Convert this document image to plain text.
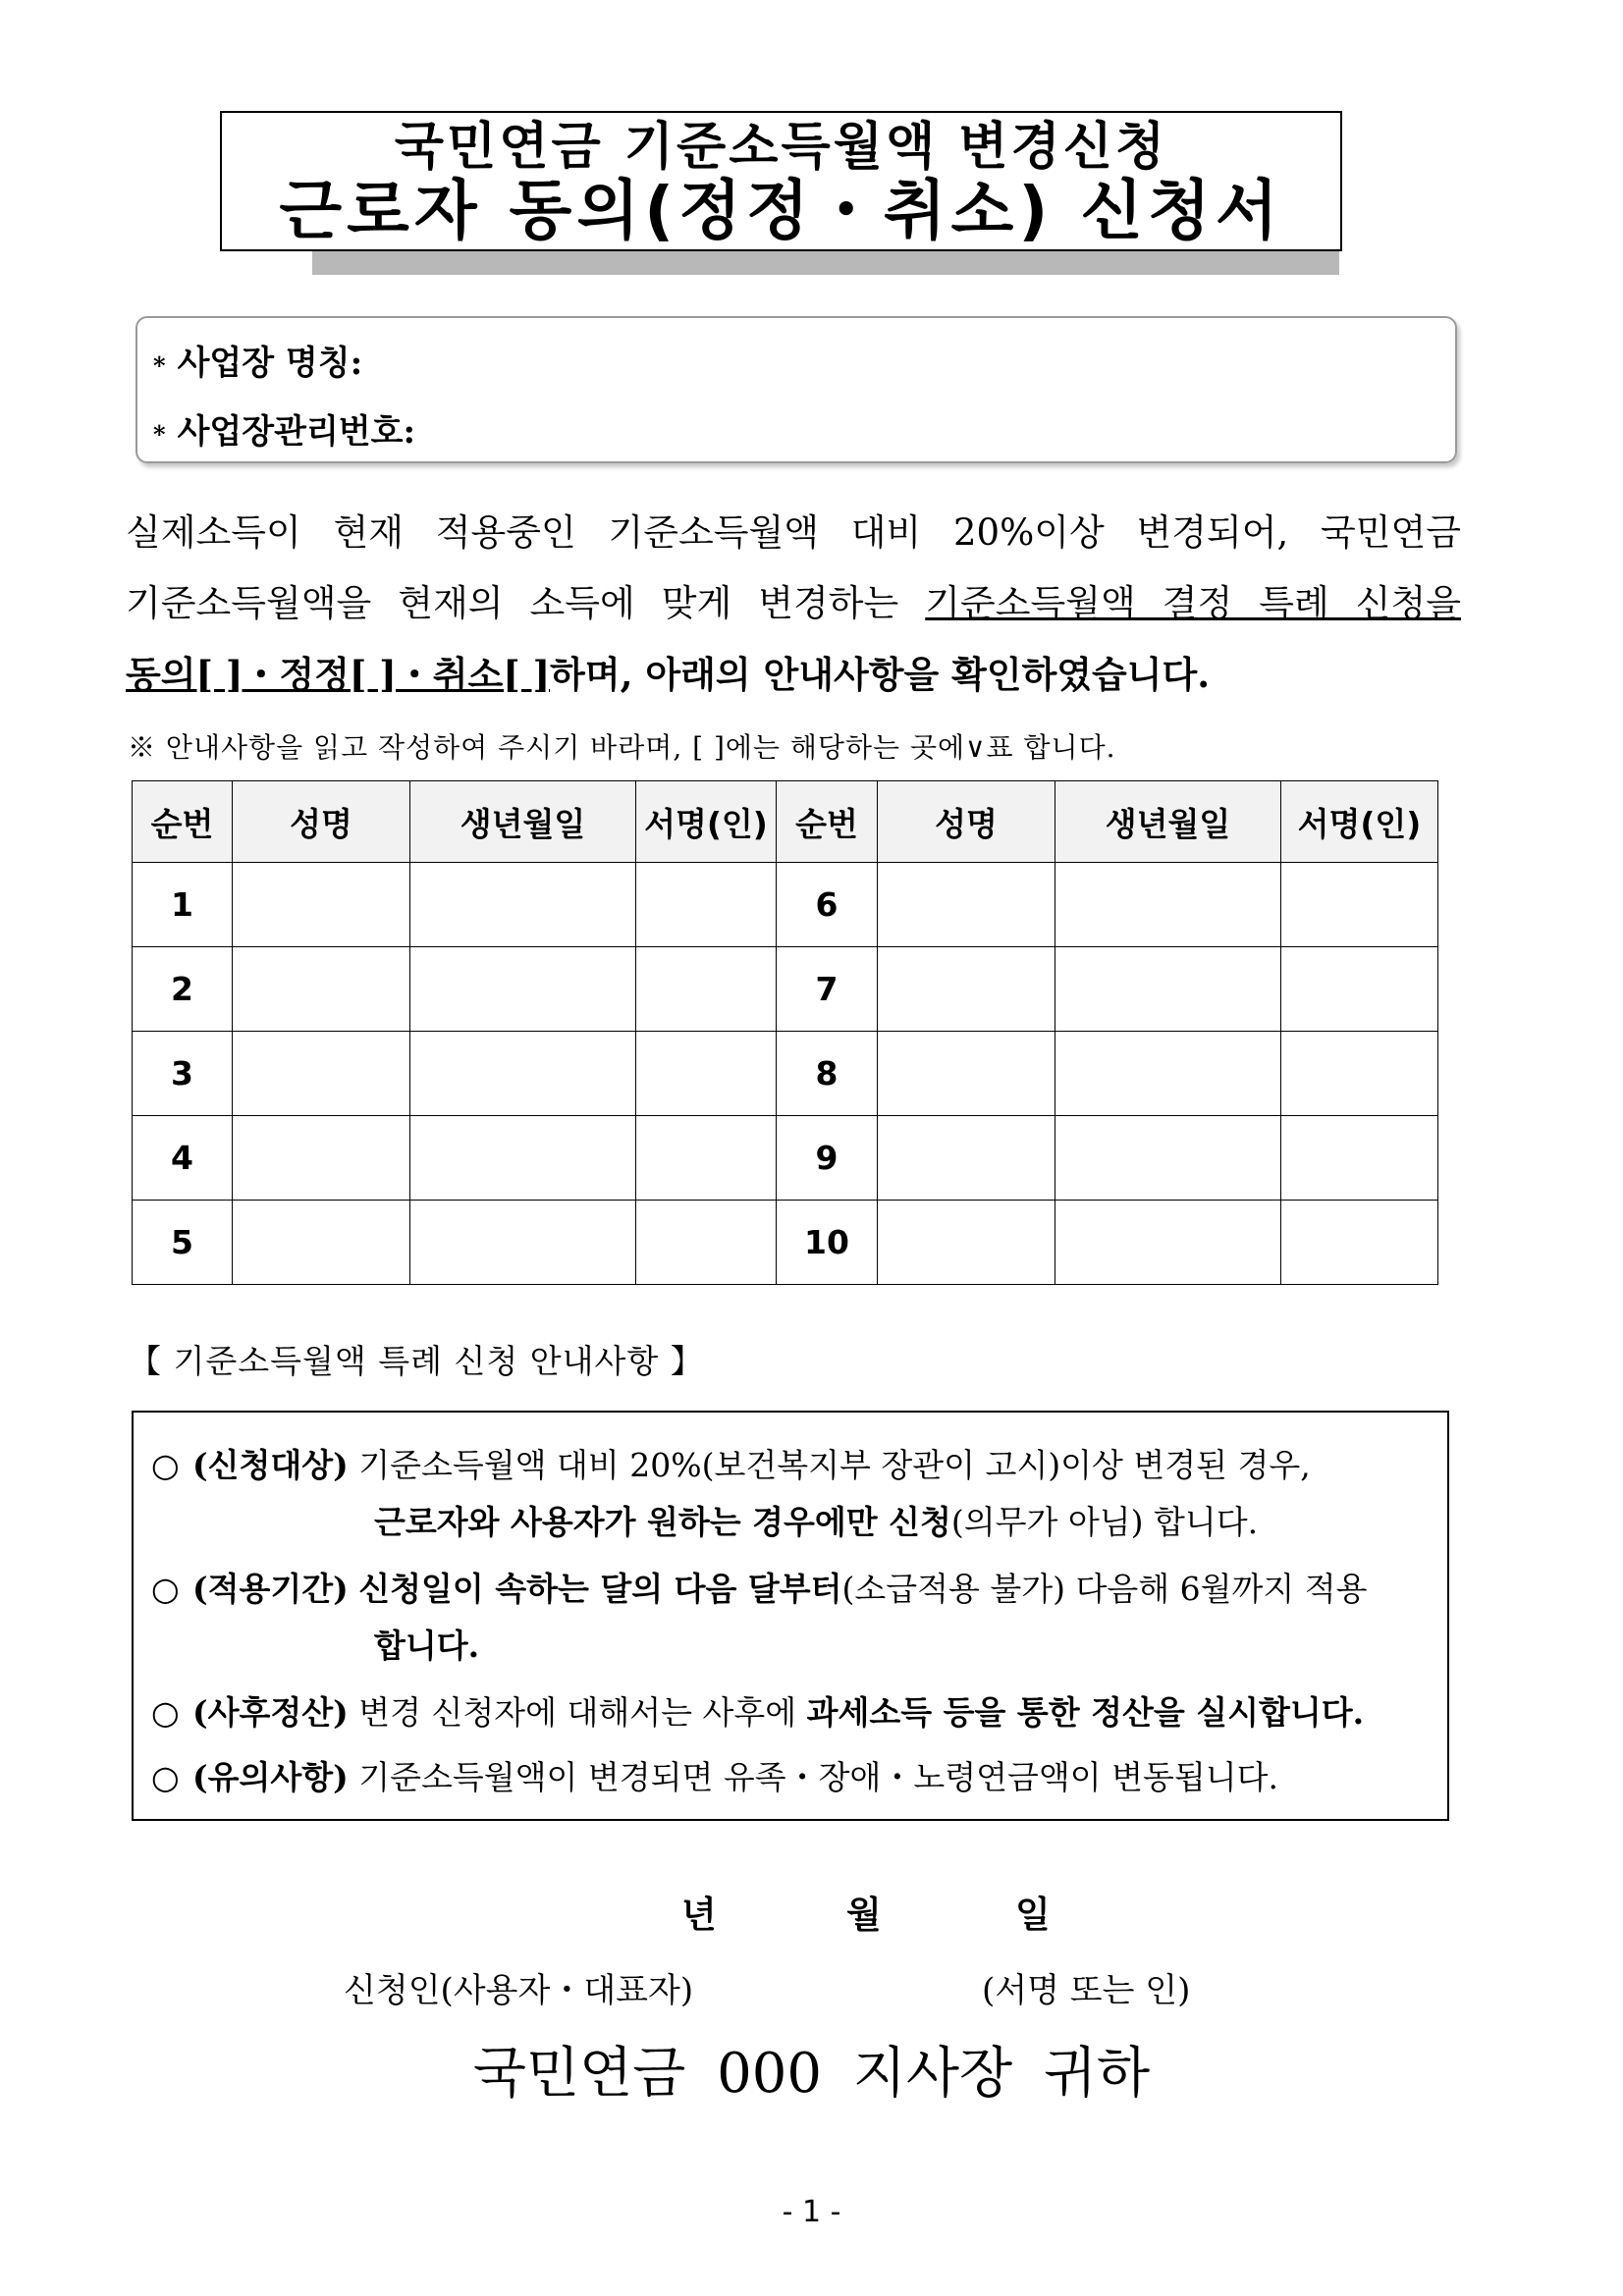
국민연금 기준소득월액 변경신청
근로자 동의(정정・취소) 신청서
* 사업장 명칭:
* 사업장관리번호:
실제소득이 현재 적용중인 기준소득월액 대비 20%이상 변경되어, 국민연금
기준소득월액을 현재의 소득에 맞게 변경하는 기준소득월액 결정 특례 신청을
동의[ ]・정정[ ]・취소[ ]하며, 아래의 안내사항을 확인하였습니다.
※ 안내사항을 읽고 작성하여 주시기 바라며, [ ]에는 해당하는 곳에∨표 합니다.
순번	성명	생년월일	서명(인)	순번	성명	생년월일	서명(인)
1				6			
2				7			
3				8			
4				9			
5				10			
【 기준소득월액 특례 신청 안내사항 】
○ (신청대상) 기준소득월액 대비 20%(보건복지부 장관이 고시)이상 변경된 경우,
근로자와 사용자가 원하는 경우에만 신청(의무가 아님) 합니다.
○ (적용기간) 신청일이 속하는 달의 다음 달부터(소급적용 불가) 다음해 6월까지 적용
합니다.
○ (사후정산) 변경 신청자에 대해서는 사후에 과세소득 등을 통한 정산을 실시합니다.
○ (유의사항) 기준소득월액이 변경되면 유족・장애・노령연금액이 변동됩니다.
년	월	일
신청인(사용자・대표자)	(서명 또는 인)
국민연금 000 지사장 귀하
- 1 -
